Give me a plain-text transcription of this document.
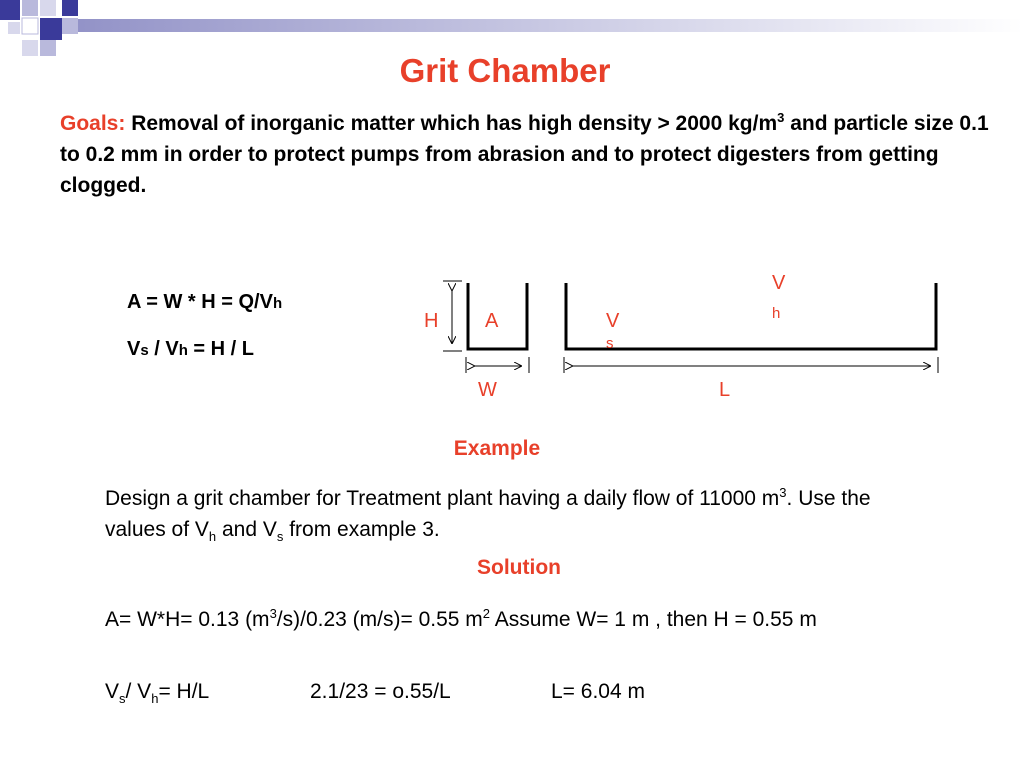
Grit Chamber
Goals: Removal of inorganic matter which has high density > 2000 $kg/m^3$ and particle size 0.1 to 0.2 mm in order to protect pumps from abrasion and to protect digesters from getting clogged.
A = W * H = Q/Vh
Vs / Vh = H / L
H A	V
s
V
h
W	L
Example
Design a grit chamber for Treatment plant having a daily flow of 11000 $m^3$. Use the values of $V_h$ and $V_s$ from example 3.
Solution
A= W*H= 0.13 $(m^3/s)/0.23$ (m/s)= 0.55 $m^2$ Assume W= 1 m , then H = 0.55 m
$V_s/$ $V_h= H/L$	2.1/23 = o.55/L	L= 6.04 m
